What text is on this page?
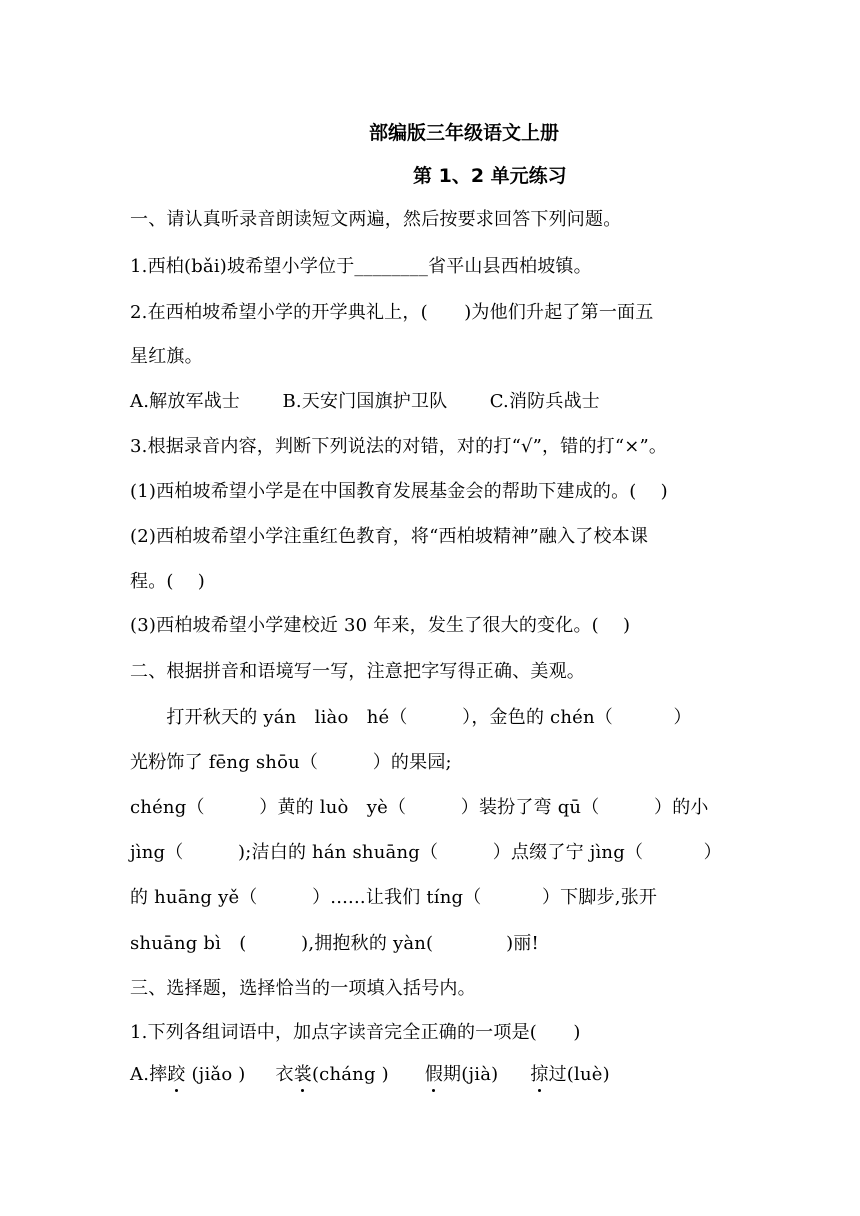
部编版三年级语文上册
第 1、2 单元练习
一、请认真听录音朗读短文两遍，然后按要求回答下列问题。
1.西柏(bǎi)坡希望小学位于________省平山县西柏坡镇。
2.在西柏坡希望小学的开学典礼上，(　　)为他们升起了第一面五
星红旗。
A.解放军战士　　 B.天安门国旗护卫队　　 C.消防兵战士
3.根据录音内容，判断下列说法的对错，对的打“√”，错的打“×”。
(1)西柏坡希望小学是在中国教育发展基金会的帮助下建成的。(　 )
(2)西柏坡希望小学注重红色教育，将“西柏坡精神”融入了校本课
程。(　 )
(3)西柏坡希望小学建校近 30 年来，发生了很大的变化。(　 )
二、根据拼音和语境写一写，注意把字写得正确、美观。
　　打开秋天的 yán　liào　hé（　　　），金色的 chén（　　　 ）
光粉饰了 fēng shōu（　　　）的果园;
chéng（　　　）黄的 luò　yè（　　　）装扮了弯 qū（　　　）的小
jìng（　　　);洁白的 hán shuāng（　　　）点缀了宁 jìng（　　　 ）
的 huāng yě（　　　）......让我们 tíng（　　　 ）下脚步,张开
shuāng bì　(　　　),拥抱秋的 yàn(　　　　)丽!
三、选择题，选择恰当的一项填入括号内。
1.下列各组词语中，加点字读音完全正确的一项是(　　)
A.摔跤 (jiǎo ) 衣裳(cháng ) 假期(jià) 掠过(luè)
